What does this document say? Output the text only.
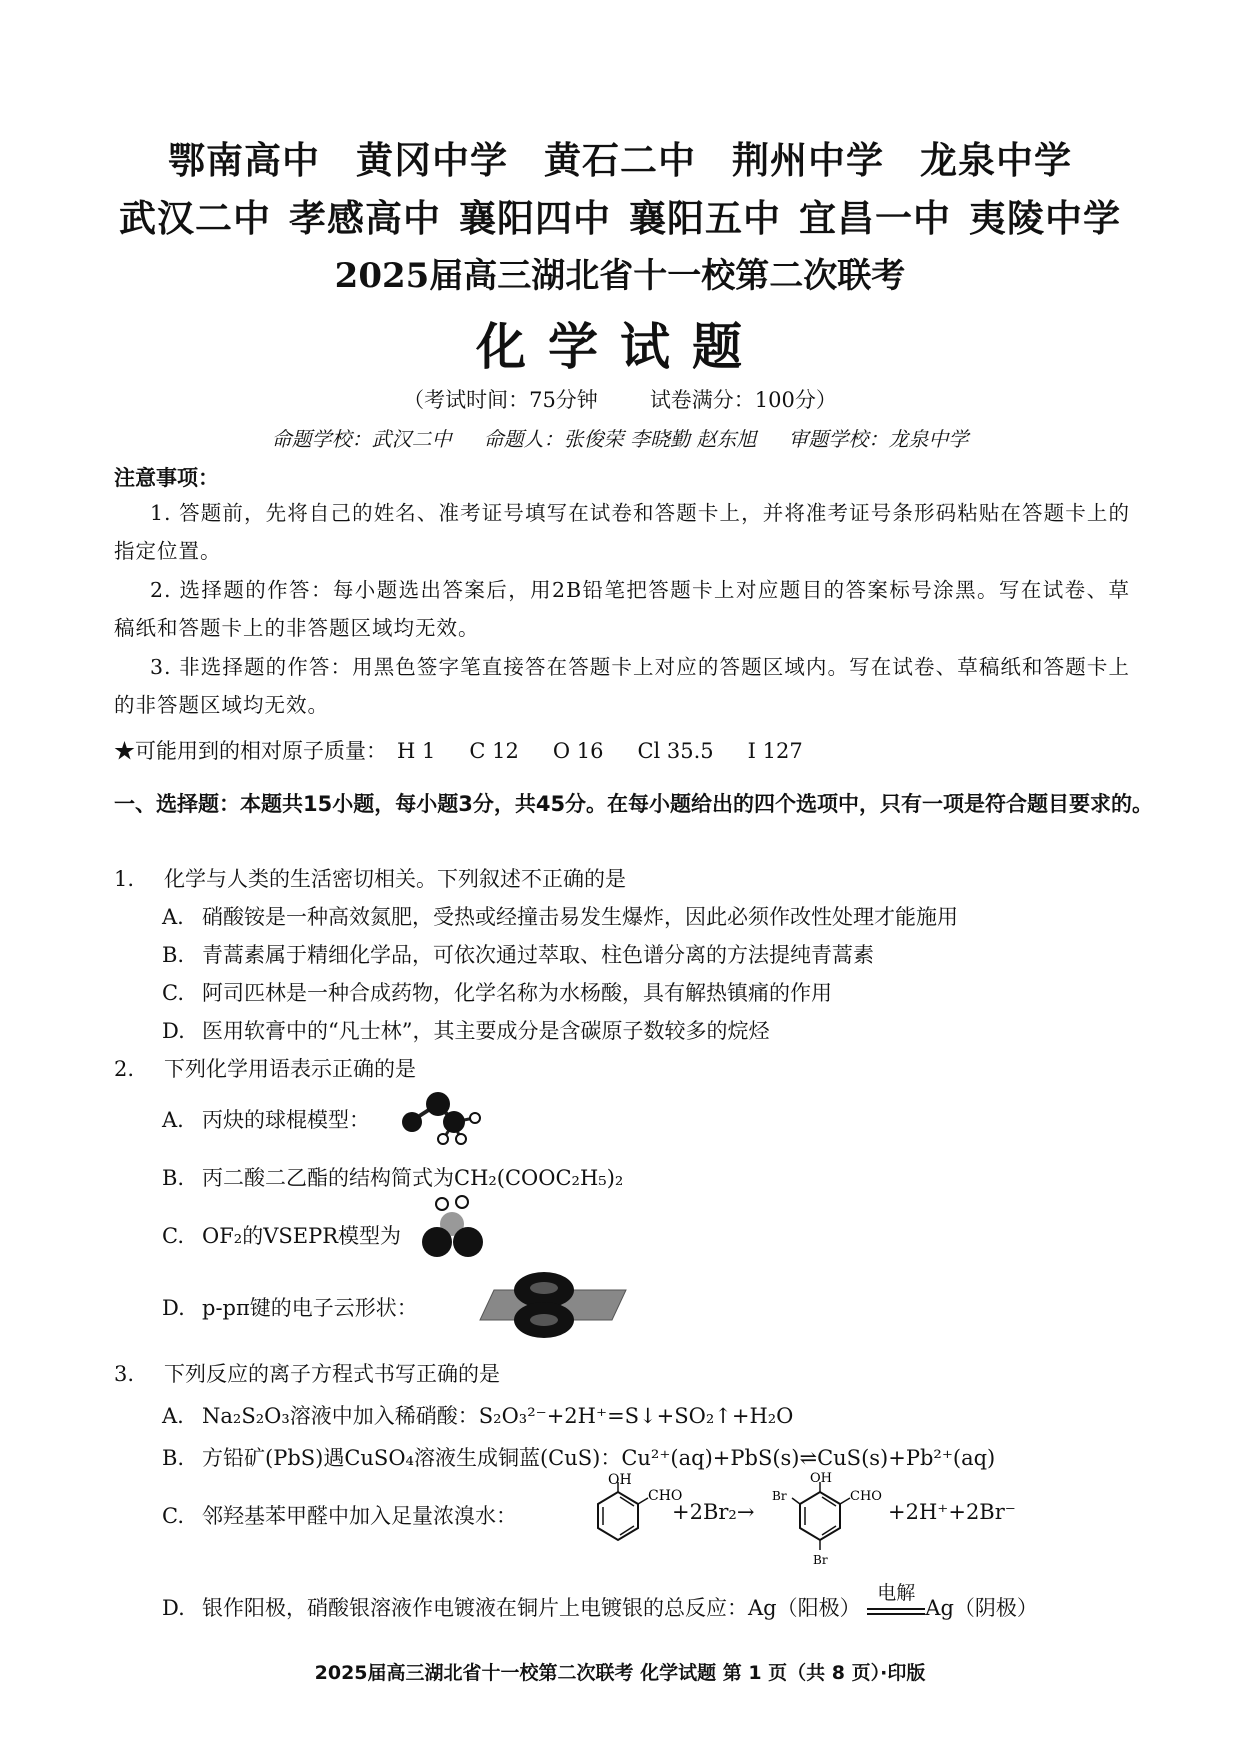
鄂南高中 黄冈中学 黄石二中 荆州中学 龙泉中学
武汉二中 孝感高中 襄阳四中 襄阳五中 宜昌一中 夷陵中学
2025届高三湖北省十一校第二次联考
化学试题
（考试时间：75分钟 试卷满分：100分）
命题学校：武汉二中 命题人：张俊荣 李晓勤 赵东旭 审题学校：龙泉中学
注意事项：
1. 答题前，先将自己的姓名、准考证号填写在试卷和答题卡上，并将准考证号条形码粘贴在答题卡上的指定位置。
2. 选择题的作答：每小题选出答案后，用2B铅笔把答题卡上对应题目的答案标号涂黑。写在试卷、草稿纸和答题卡上的非答题区域均无效。
3. 非选择题的作答：用黑色签字笔直接答在答题卡上对应的答题区域内。写在试卷、草稿纸和答题卡上的非答题区域均无效。
★可能用到的相对原子质量： H 1 C 12 O 16 Cl 35.5 I 127
一、选择题：本题共15小题，每小题3分，共45分。在每小题给出的四个选项中，只有一项是符合题目要求的。
1. 化学与人类的生活密切相关。下列叙述不正确的是
A. 硝酸铵是一种高效氮肥，受热或经撞击易发生爆炸，因此必须作改性处理才能施用
B. 青蒿素属于精细化学品，可依次通过萃取、柱色谱分离的方法提纯青蒿素
C. 阿司匹林是一种合成药物，化学名称为水杨酸，具有解热镇痛的作用
D. 医用软膏中的“凡士林”，其主要成分是含碳原子数较多的烷烃
2. 下列化学用语表示正确的是
A. 丙炔的球棍模型：
B. 丙二酸二乙酯的结构简式为CH₂(COOC₂H₅)₂
C. OF₂的VSEPR模型为
D. p-pπ键的电子云形状：
3. 下列反应的离子方程式书写正确的是
A. Na₂S₂O₃溶液中加入稀硝酸：S₂O₃²⁻+2H⁺=S↓+SO₂↑+H₂O
B. 方铅矿(PbS)遇CuSO₄溶液生成铜蓝(CuS)：Cu²⁺(aq)+PbS(s)⇌CuS(s)+Pb²⁺(aq)
C. 邻羟基苯甲醛中加入足量浓溴水：
OH
CHO
+2Br₂→
OH
CHO
Br
Br
+2H⁺+2Br⁻
D. 银作阳极，硝酸银溶液作电镀液在铜片上电镀银的总反应：Ag（阳极）
电解
Ag（阴极）
2025届高三湖北省十一校第二次联考 化学试题 第 1 页（共 8 页）·印版
